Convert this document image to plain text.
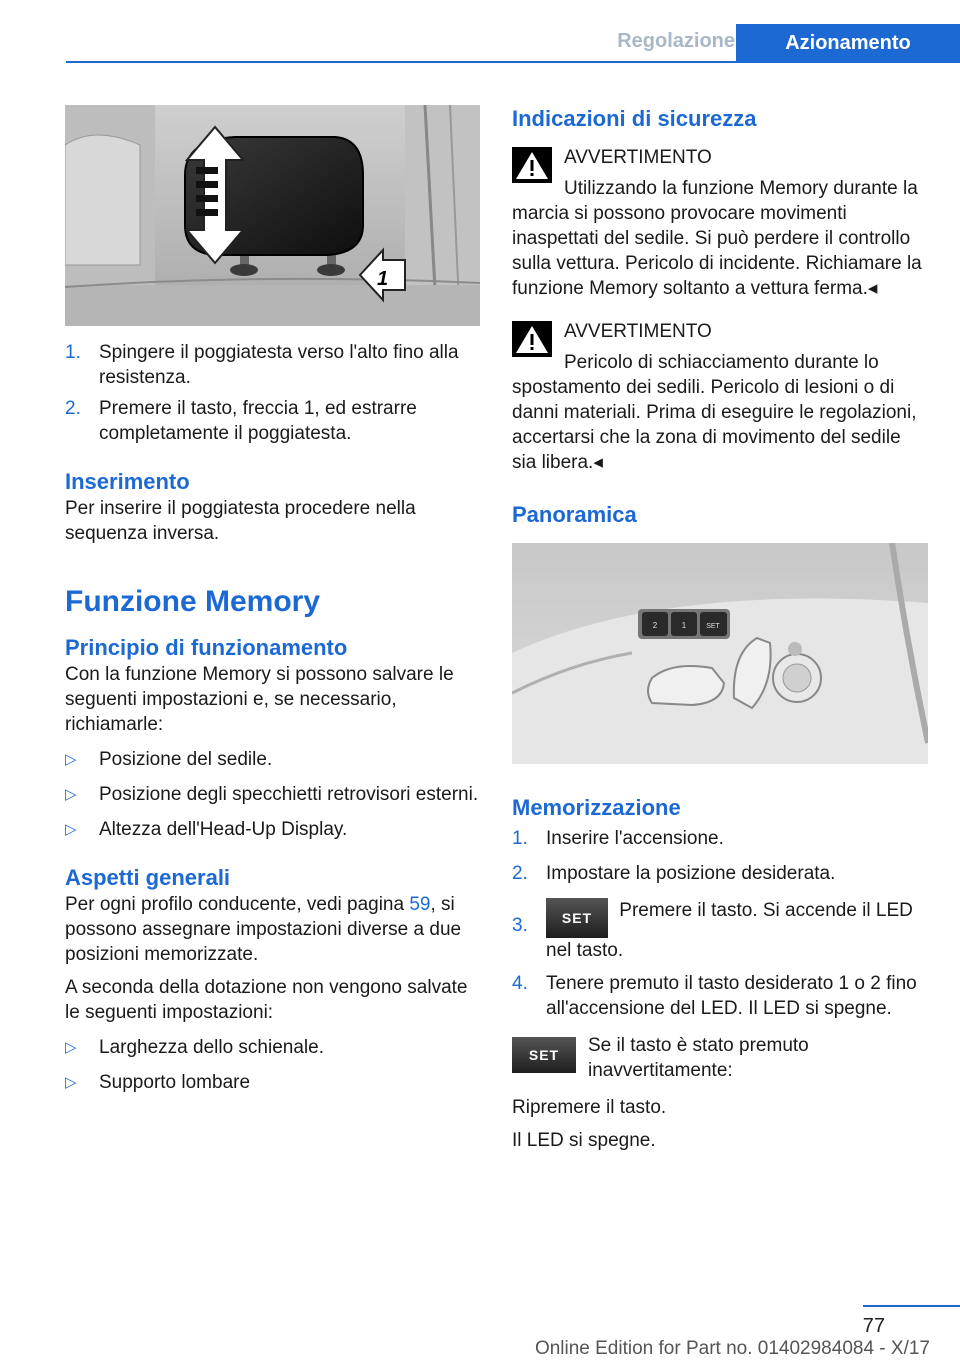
Regolazione	Azionamento
1
1. Spingere il poggiatesta verso l'alto fino alla resistenza.
2. Premere il tasto, freccia 1, ed estrarre completamente il poggiatesta.
Inserimento

Per inserire il poggiatesta procedere nella sequenza inversa.

Funzione Memory
Principio di funzionamento

Con la funzione Memory si possono salvare le seguenti impostazioni e, se necessario, richiamarle:

▷ Posizione del sedile.
▷ Posizione degli specchietti retrovisori esterni.
▷ Altezza dell'Head-Up Display.
Aspetti generali

Per ogni profilo conducente, vedi pagina 59, si possono assegnare impostazioni diverse a due posizioni memorizzate.

A seconda della dotazione non vengono salvate le seguenti impostazioni:

▷ Larghezza dello schienale.
▷ Supporto lombare
Indicazioni di sicurezza

AVVERTIMENTO

Utilizzando la funzione Memory durante la marcia si possono provocare movimenti inaspettati del sedile. Si può perdere il controllo sulla vettura. Pericolo di incidente. Richiamare la funzione Memory soltanto a vettura ferma.◂

AVVERTIMENTO

Pericolo di schiacciamento durante lo spostamento dei sedili. Pericolo di lesioni o di danni materiali. Prima di eseguire le regolazioni, accertarsi che la zona di movimento del sedile sia libera.◂

Panoramica
2	1	SET
Memorizzazione
1. Inserire l'accensione.
2. Impostare la posizione desiderata.
3. SET Premere il tasto. Si accende il LED nel tasto.
4. Tenere premuto il tasto desiderato 1 o 2 fino all'accensione del LED. Il LED si spegne.
SET	Se il tasto è stato premuto inavvertitamente:

Ripremere il tasto.

Il LED si spegne.

77
Online Edition for Part no. 01402984084 - X/17
